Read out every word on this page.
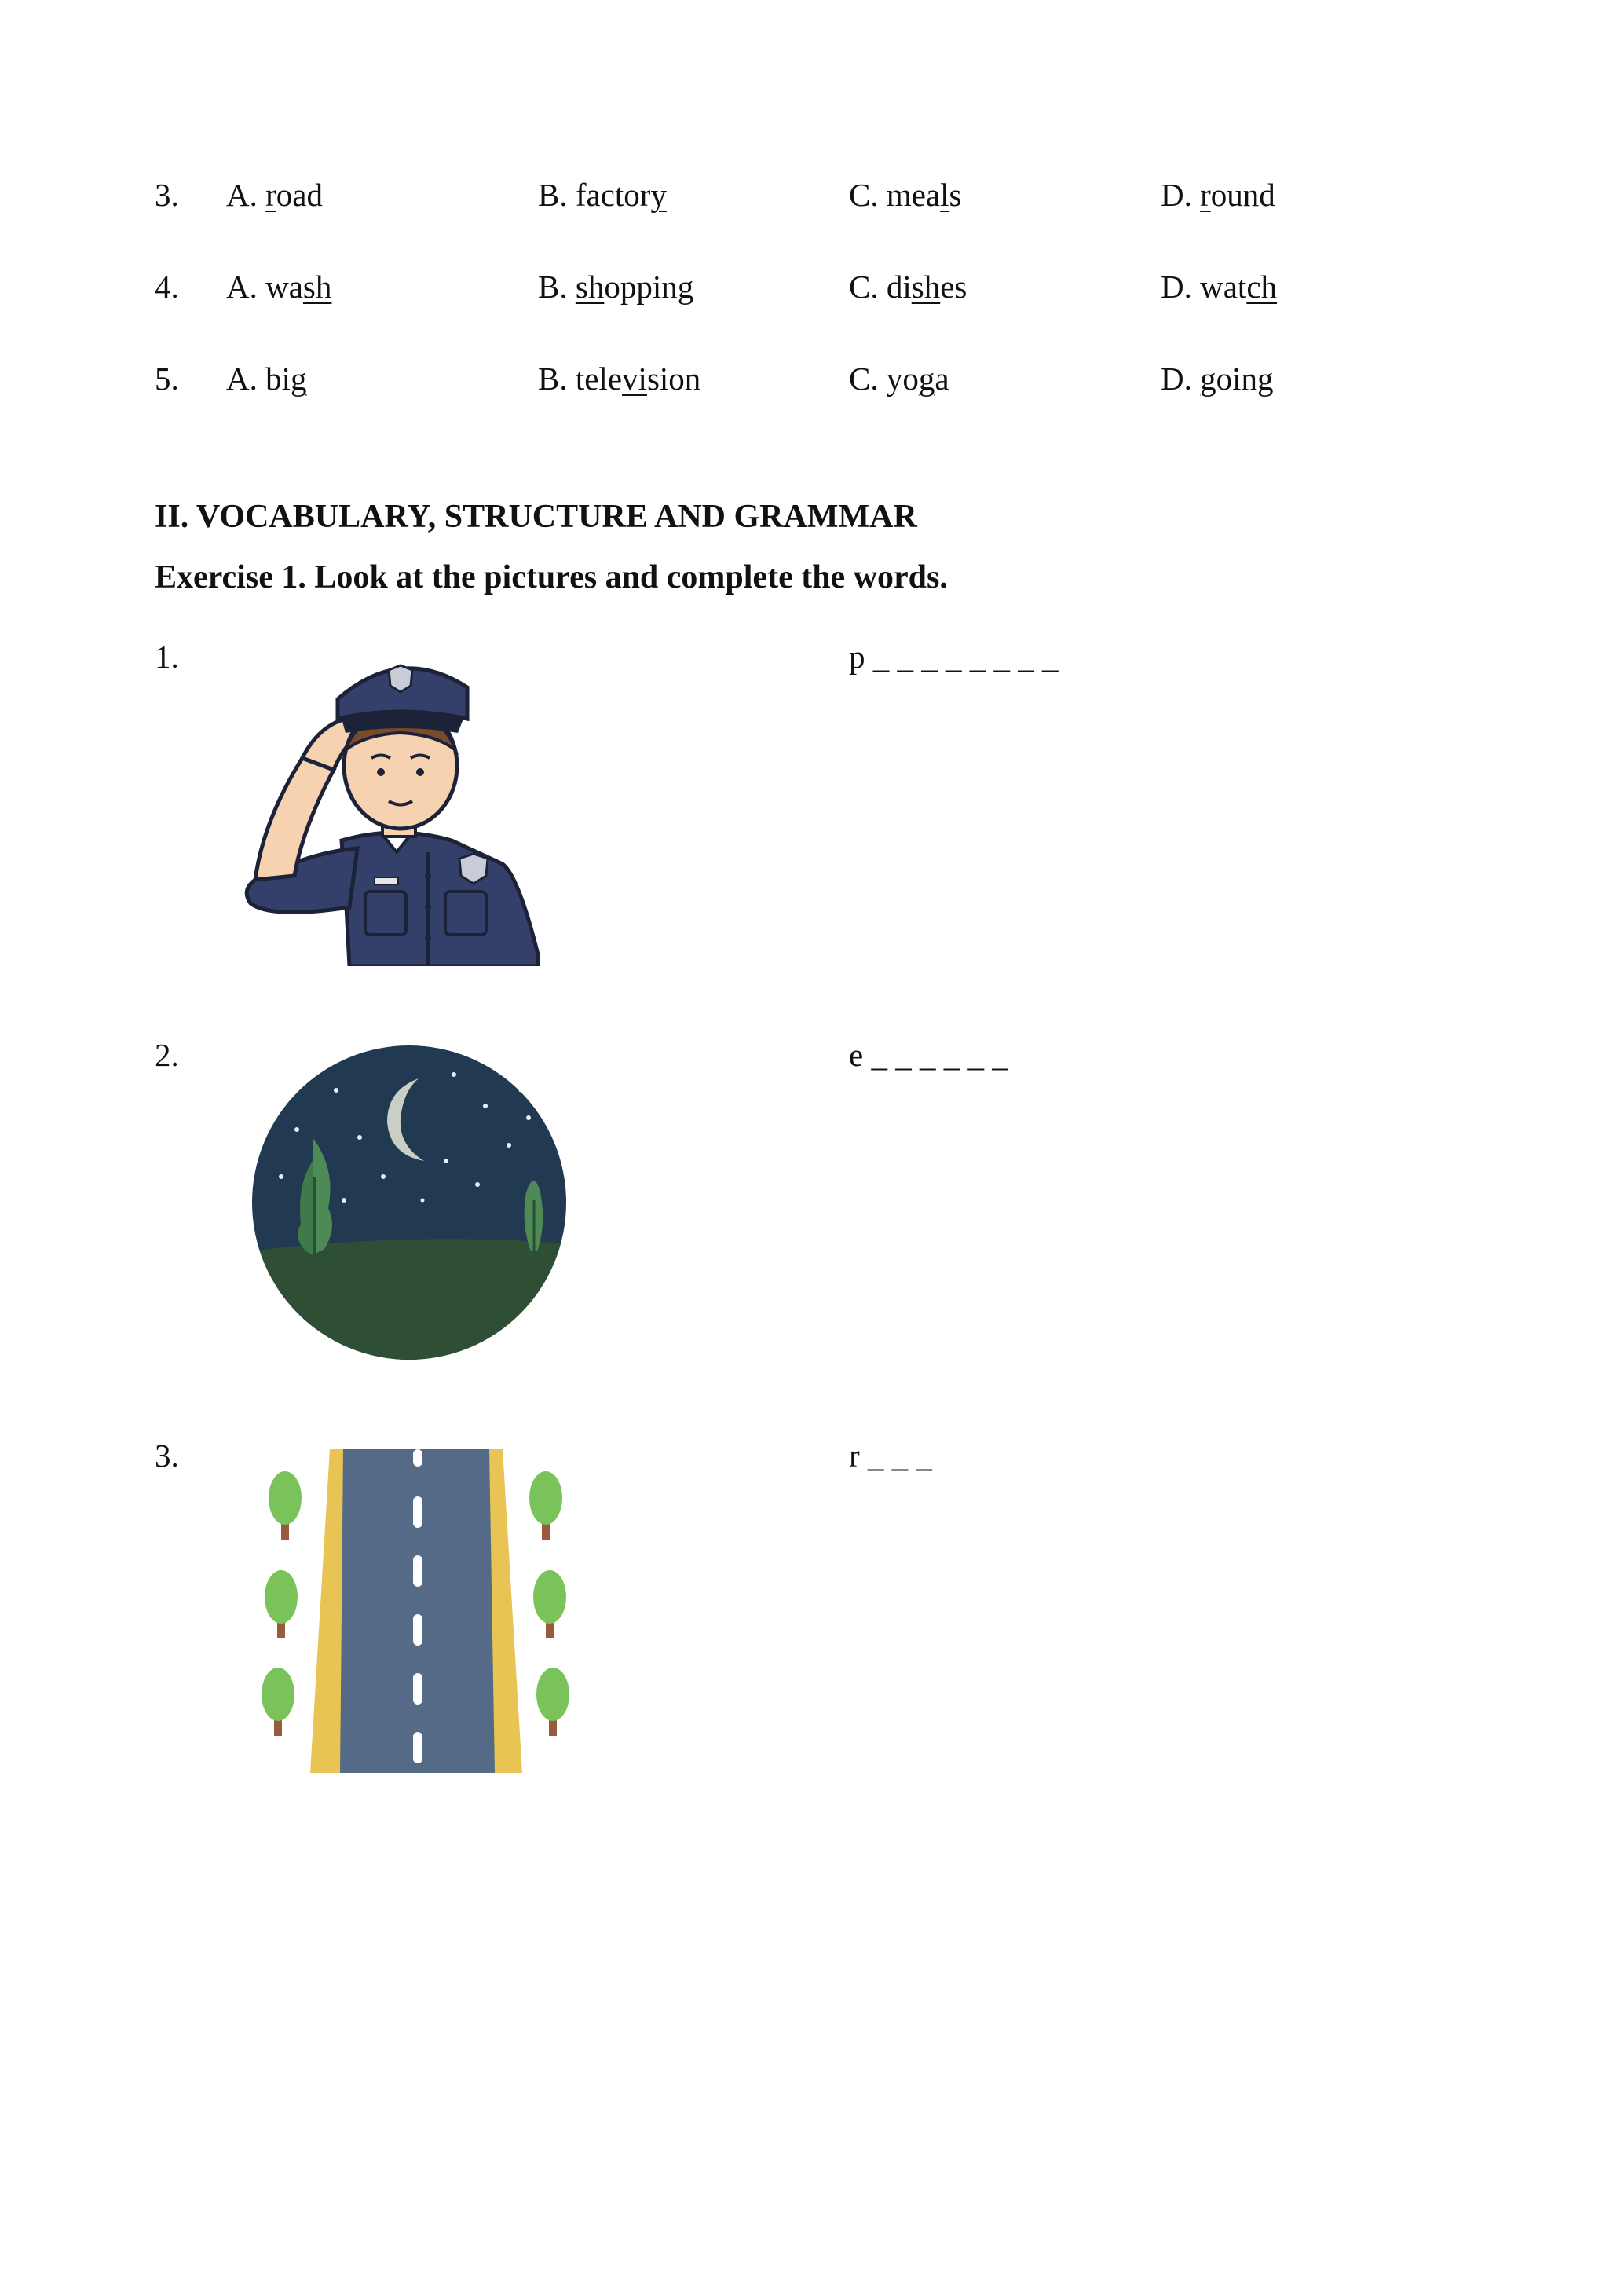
3. A. road	B. factory	C. meals	D. round
4. A. wash	B. shopping	C. dishes	D. watch
5. A. big	B. television	C. yoga	D. going
II. VOCABULARY, STRUCTURE AND GRAMMAR
Exercise 1. Look at the pictures and complete the words.
1.	p _ _ _ _ _ _ _ _
2.	e _ _ _ _ _ _
3.	r _ _ _
